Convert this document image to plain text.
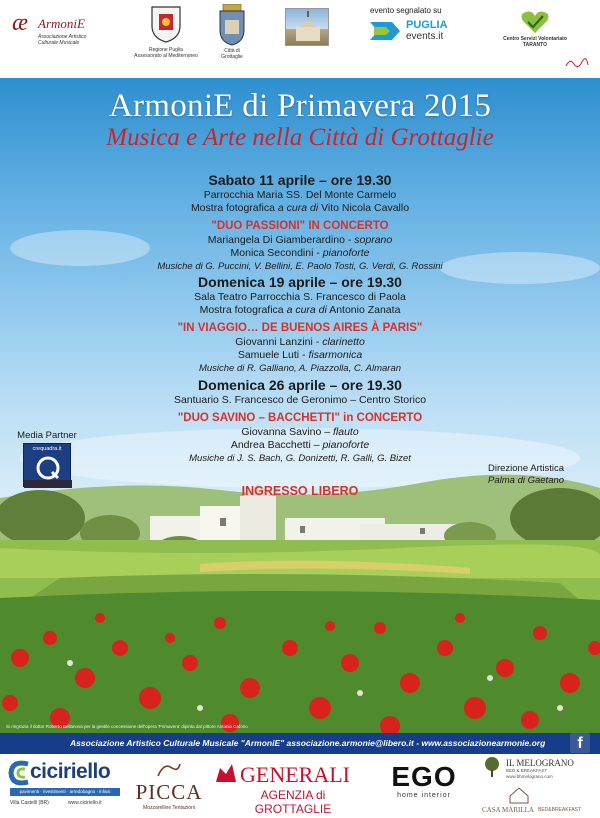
æ ArmoniE
Associazione Artistico
Culturale Musicale
Regione Puglia
Assessorato al Mediterraneo
Città di
Grottaglie
evento segnalato su
PUGLIA
events.it	Centro Servizi Volontariato
TARANTO
Si ringrazia il dottor Roberto Bellanova per la gentile concessione dell'opera 'Primavera' dipinta dal pittore Antonio Caforio
ArmoniE di Primavera 2015
Musica e Arte nella Città di Grottaglie
Sabato 11 aprile – ore 19.30
Parrocchia Maria SS. Del Monte Carmelo
Mostra fotografica a cura di Vito Nicola Cavallo
"DUO PASSIONI" IN CONCERTO
Mariangela Di Giamberardino - soprano
Monica Secondini - pianoforte
Musiche di G. Puccini, V. Bellini, E. Paolo Tosti, G. Verdi, G. Rossini
Domenica 19 aprile – ore 19.30
Sala Teatro Parrocchia S. Francesco di Paola
Mostra fotografica a cura di Antonio Zanata
"IN VIAGGIO… DE BUENOS AIRES À PARIS"
Giovanni Lanzini - clarinetto
Samuele Luti - fisarmonica
Musiche di R. Galliano, A. Piazzolla, C. Almaran
Domenica 26 aprile – ore 19.30
Santuario S. Francesco de Geronimo – Centro Storico
"DUO SAVINO – BACCHETTI" in CONCERTO
Giovanna Savino – flauto
Andrea Bacchetti – pianoforte
Musiche di J. S. Bach, G. Donizetti, R. Galli, G. Bizet
Media Partner
crequadra.it
Direzione Artistica
Palma di Gaetano
INGRESSO LIBERO
Associazione Artistico Culturale Musicale "ArmoniE" associazione.armonie@libero.it - www.associazionearmonie.org	f
ciciriello
pavimenti · rivestimenti · arredobagno · infissi
Villa Castelli (BR)	www.ciciriello.it PICCA
Mozzarelline Tentazioni
GENERALI
AGENZIA di GROTTAGLIE
EGO
home interior
IL MELOGRANO
BED & BREAKFAST
www.bbmelograno.com
CASA MARILLA BED&BREAKFAST
